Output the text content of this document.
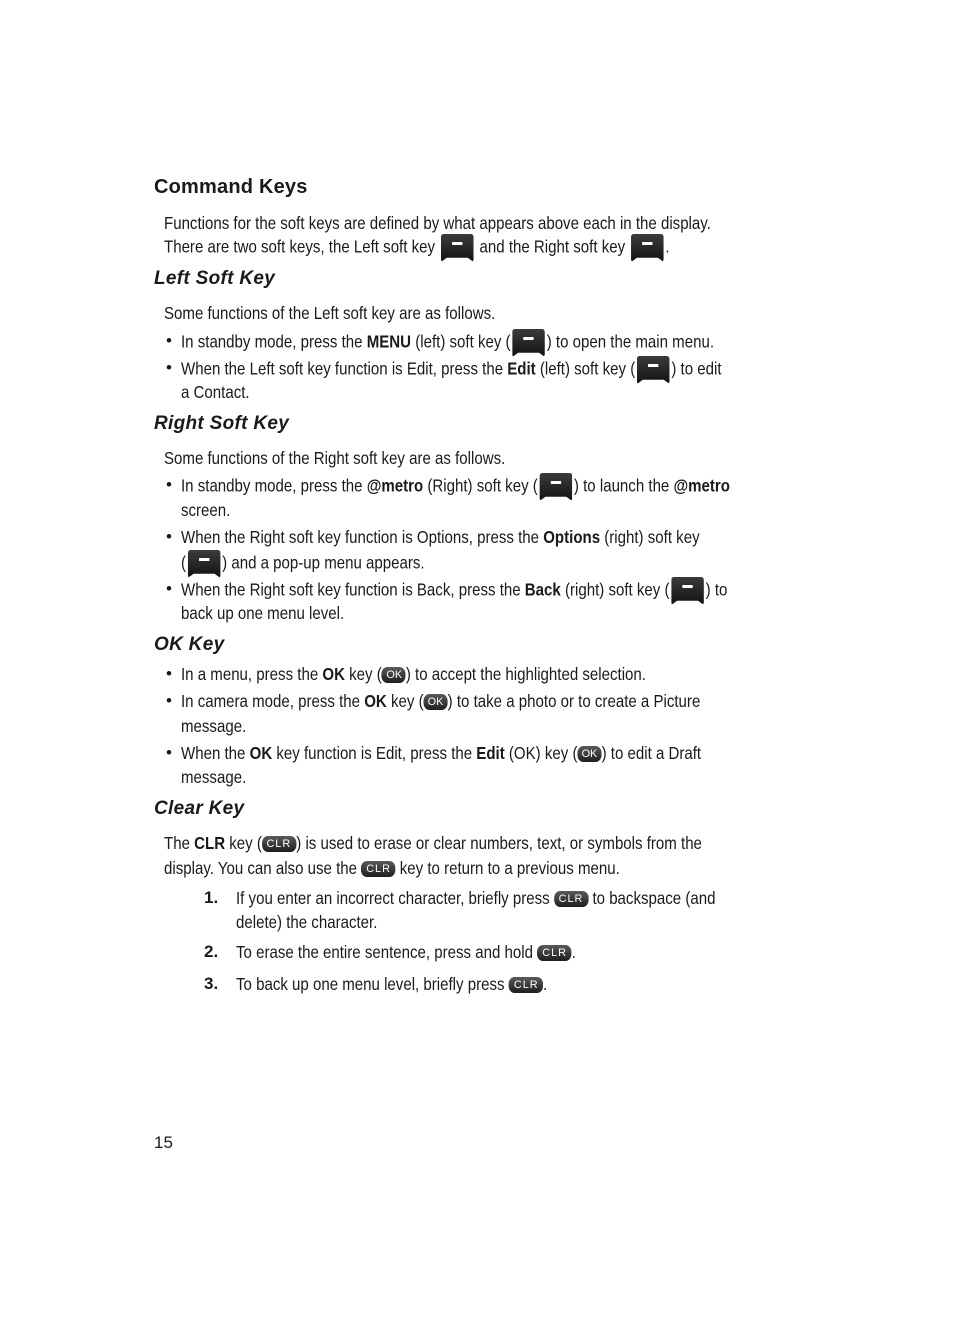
Command Keys
Functions for the soft keys are defined by what appears above each in the display.
There are two soft keys, the Left soft key	and the Right soft key .
Left Soft Key
Some functions of the Left soft key are as follows.
• In standby mode, press the MENU (left) soft key ( ) to open the main menu.
• When the Left soft key function is Edit, press the Edit (left) soft key ( ) to edit
a Contact.
Right Soft Key
Some functions of the Right soft key are as follows.
• In standby mode, press the @metro (Right) soft key ( ) to launch the @metro
screen.
• When the Right soft key function is Options, press the Options (right) soft key
( ) and a pop-up menu appears.
• When the Right soft key function is Back, press the Back (right) soft key ( ) to
back up one menu level.
OK Key
• In a menu, press the OK key ( OK ) to accept the highlighted selection.
• In camera mode, press the OK key ( OK ) to take a photo or to create a Picture
message.
• When the OK key function is Edit, press the Edit (OK) key ( OK ) to edit a Draft
message.
Clear Key
The CLR key ( CLR ) is used to erase or clear numbers, text, or symbols from the
display. You can also use the CLR key to return to a previous menu.
1. If you enter an incorrect character, briefly press CLR to backspace (and
delete) the character.
2. To erase the entire sentence, press and hold CLR .
3. To back up one menu level, briefly press CLR .
15
